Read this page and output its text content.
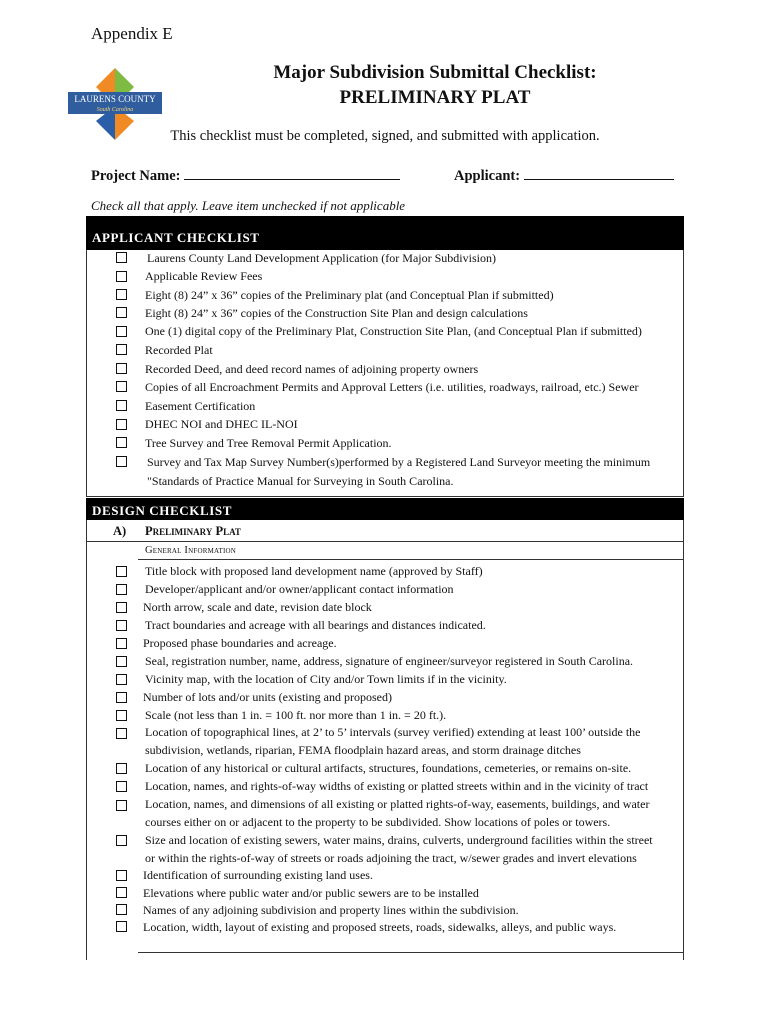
Appendix E
LAURENS COUNTY
South Carolina
Major Subdivision Submittal Checklist:
PRELIMINARY PLAT
This checklist must be completed, signed, and submitted with application.
Project Name:	Applicant:
Check all that apply. Leave item unchecked if not applicable
APPLICANT CHECKLIST
Laurens County Land Development Application (for Major Subdivision)
Applicable Review Fees
Eight (8) 24” x 36” copies of the Preliminary plat (and Conceptual Plan if submitted)
Eight (8) 24” x 36” copies of the Construction Site Plan and design calculations
One (1) digital copy of the Preliminary Plat, Construction Site Plan, (and Conceptual Plan if submitted)
Recorded Plat
Recorded Deed, and deed record names of adjoining property owners
Copies of all Encroachment Permits and Approval Letters (i.e. utilities, roadways, railroad, etc.) Sewer
Easement Certification
DHEC NOI and DHEC IL-NOI
Tree Survey and Tree Removal Permit Application.
Survey and Tax Map Survey Number(s)performed by a Registered Land Surveyor meeting the minimum
"Standards of Practice Manual for Surveying in South Carolina.
DESIGN CHECKLIST
A) Preliminary Plat
General Information
Title block with proposed land development name (approved by Staff)
Developer/applicant and/or owner/applicant contact information
North arrow, scale and date, revision date block
Tract boundaries and acreage with all bearings and distances indicated.
Proposed phase boundaries and acreage.
Seal, registration number, name, address, signature of engineer/surveyor registered in South Carolina.
Vicinity map, with the location of City and/or Town limits if in the vicinity.
Number of lots and/or units (existing and proposed)
Scale (not less than 1 in. = 100 ft. nor more than 1 in. = 20 ft.).
Location of topographical lines, at 2’ to 5’ intervals (survey verified) extending at least 100’ outside the
subdivision, wetlands, riparian, FEMA floodplain hazard areas, and storm drainage ditches
Location of any historical or cultural artifacts, structures, foundations, cemeteries, or remains on-site.
Location, names, and rights-of-way widths of existing or platted streets within and in the vicinity of tract
Location, names, and dimensions of all existing or platted rights-of-way, easements, buildings, and water
courses either on or adjacent to the property to be subdivided. Show locations of poles or towers.
Size and location of existing sewers, water mains, drains, culverts, underground facilities within the street
or within the rights-of-way of streets or roads adjoining the tract, w/sewer grades and invert elevations
Identification of surrounding existing land uses.
Elevations where public water and/or public sewers are to be installed
Names of any adjoining subdivision and property lines within the subdivision.
Location, width, layout of existing and proposed streets, roads, sidewalks, alleys, and public ways.
